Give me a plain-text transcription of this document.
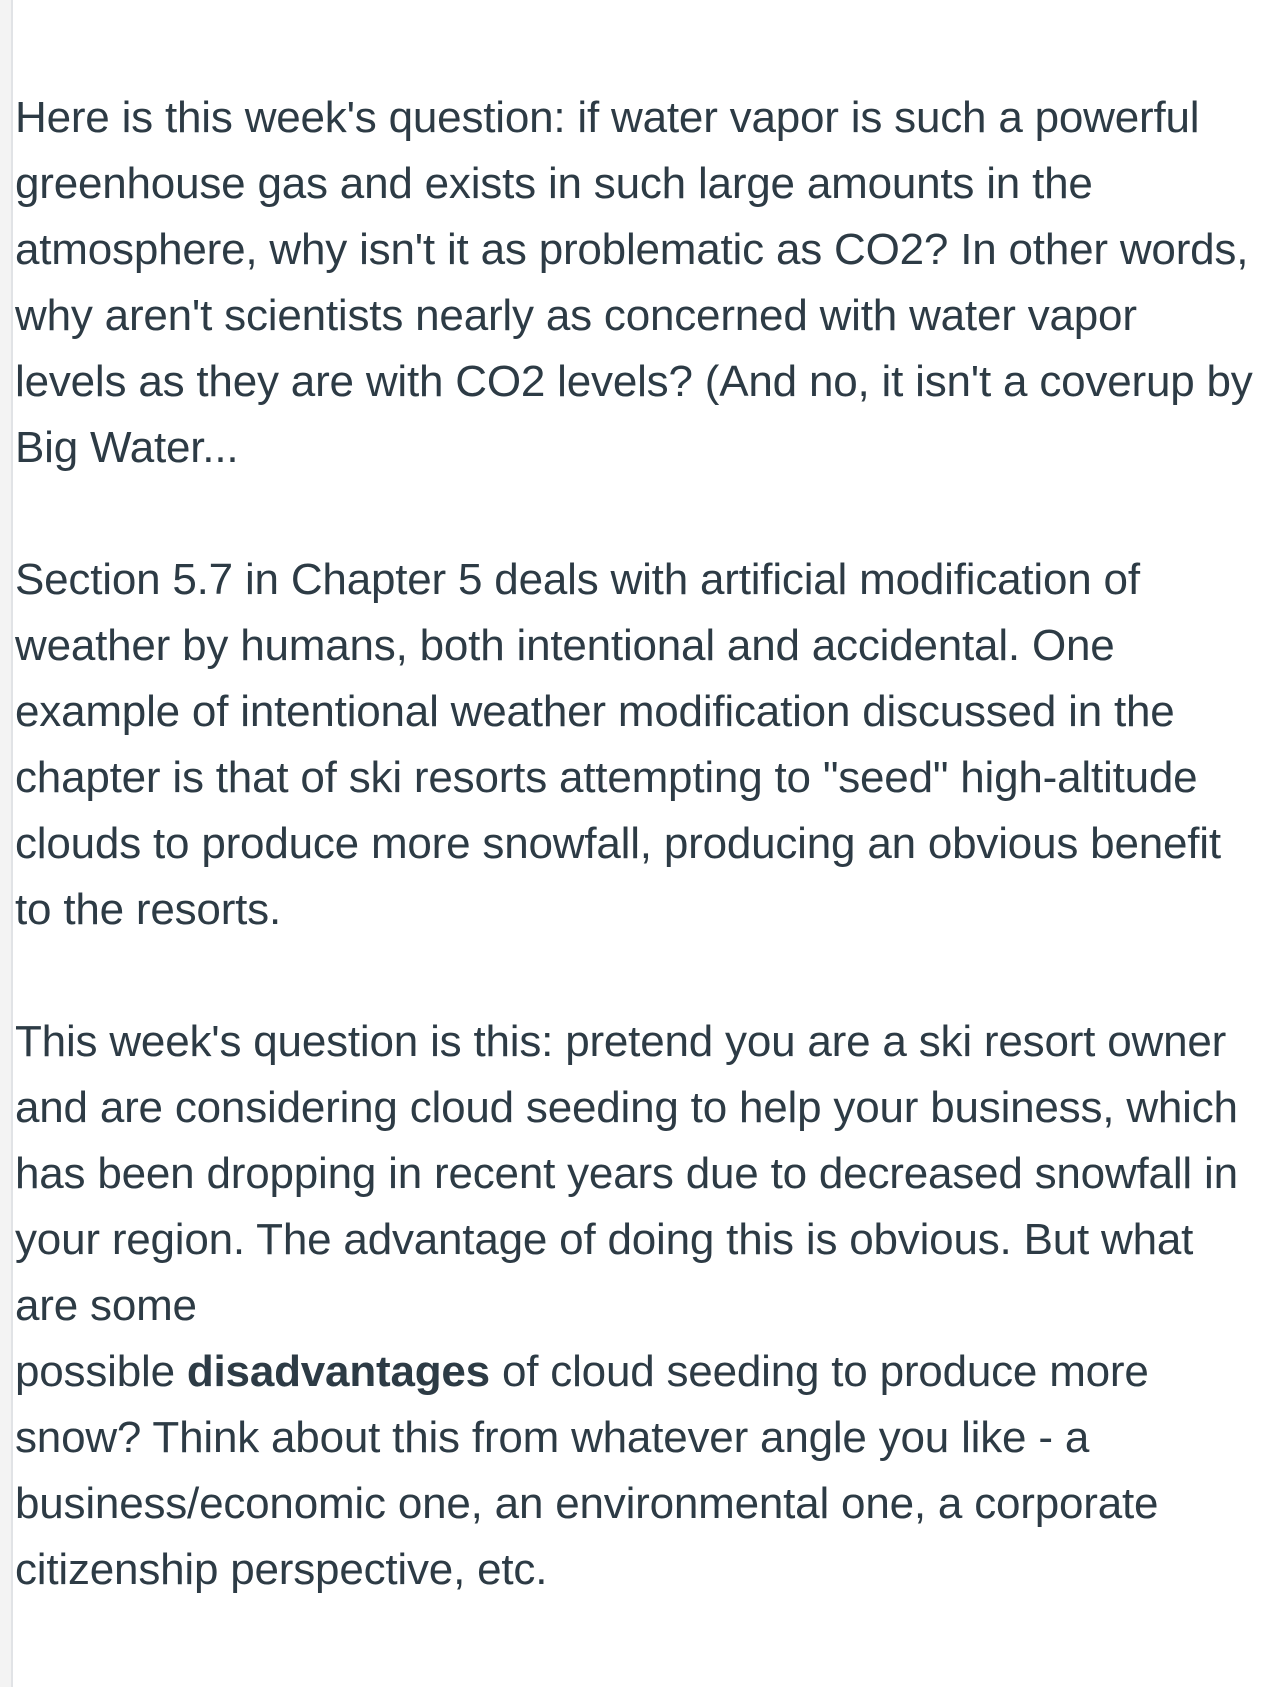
Here is this week's question: if water vapor is such a powerful greenhouse gas and exists in such large amounts in the atmosphere, why isn't it as problematic as CO2? In other words, why aren't scientists nearly as concerned with water vapor levels as they are with CO2 levels? (And no, it isn't a coverup by Big Water...

Section 5.7 in Chapter 5 deals with artificial modification of weather by humans, both intentional and accidental. One example of intentional weather modification discussed in the chapter is that of ski resorts attempting to "seed" high-altitude clouds to produce more snowfall, producing an obvious benefit to the resorts.

This week's question is this: pretend you are a ski resort owner and are considering cloud seeding to help your business, which has been dropping in recent years due to decreased snowfall in your region. The advantage of doing this is obvious. But what are some
possible disadvantages of cloud seeding to produce more snow? Think about this from whatever angle you like - a business/economic one, an environmental one, a corporate citizenship perspective, etc.
